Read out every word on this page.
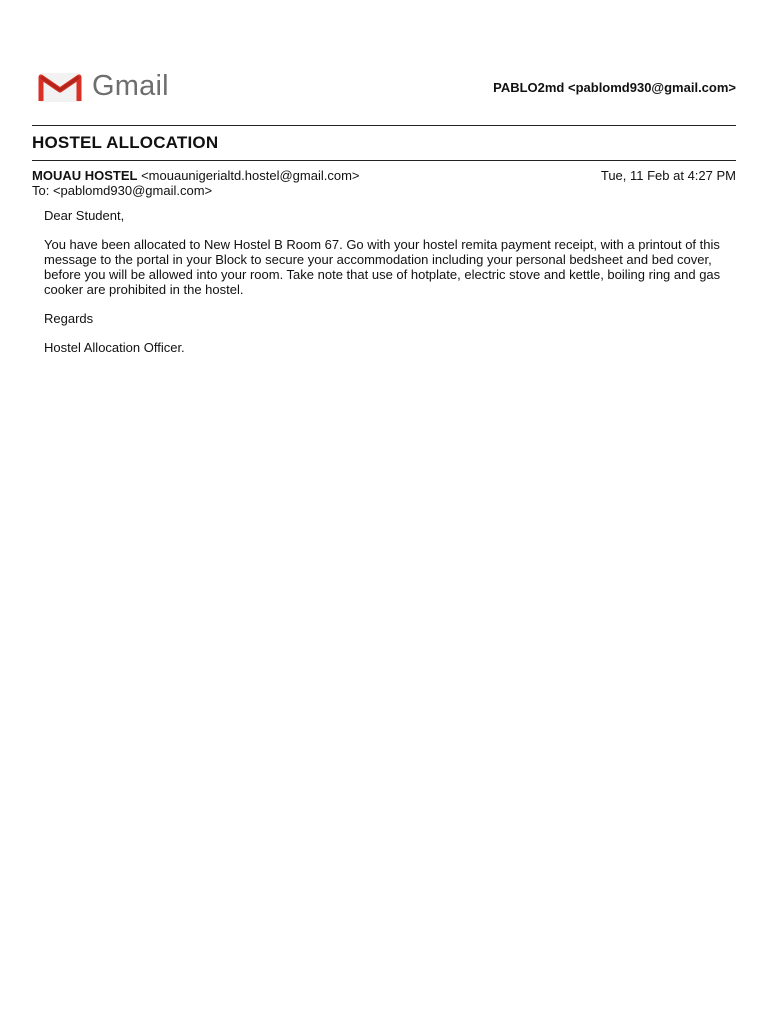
Gmail	PABLO2md <pablomd930@gmail.com>
HOSTEL ALLOCATION
MOUAU HOSTEL <mouaunigerialtd.hostel@gmail.com>	Tue, 11 Feb at 4:27 PM
To: <pablomd930@gmail.com>

Dear Student,

You have been allocated to New Hostel B Room 67. Go with your hostel remita payment receipt, with a printout of this message to the portal in your Block to secure your accommodation including your personal bedsheet and bed cover, before you will be allowed into your room. Take note that use of hotplate, electric stove and kettle, boiling ring and gas cooker are prohibited in the hostel.

Regards

Hostel Allocation Officer.
